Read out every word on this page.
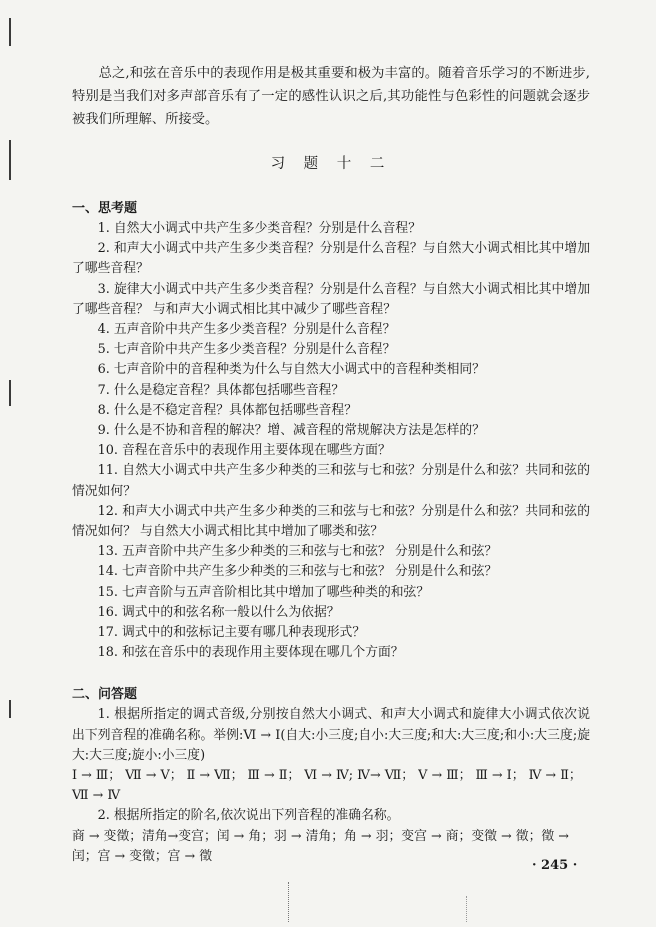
总之,和弦在音乐中的表现作用是极其重要和极为丰富的。随着音乐学习的不断进步,特别是当我们对多声部音乐有了一定的感性认识之后,其功能性与色彩性的问题就会逐步被我们所理解、所接受。

习 题 十 二

一、思考题

1. 自然大小调式中共产生多少类音程？分别是什么音程？

2. 和声大小调式中共产生多少类音程？分别是什么音程？与自然大小调式相比其中增加了哪些音程？

3. 旋律大小调式中共产生多少类音程？分别是什么音程？与自然大小调式相比其中增加了哪些音程？ 与和声大小调式相比其中减少了哪些音程？

4. 五声音阶中共产生多少类音程？分别是什么音程？

5. 七声音阶中共产生多少类音程？分别是什么音程？

6. 七声音阶中的音程种类为什么与自然大小调式中的音程种类相同？

7. 什么是稳定音程？具体都包括哪些音程？

8. 什么是不稳定音程？具体都包括哪些音程？

9. 什么是不协和音程的解决？增、减音程的常规解决方法是怎样的？

10. 音程在音乐中的表现作用主要体现在哪些方面？

11. 自然大小调式中共产生多少种类的三和弦与七和弦？分别是什么和弦？共同和弦的情况如何？

12. 和声大小调式中共产生多少种类的三和弦与七和弦？分别是什么和弦？共同和弦的情况如何？ 与自然大小调式相比其中增加了哪类和弦？

13. 五声音阶中共产生多少种类的三和弦与七和弦？ 分别是什么和弦？

14. 七声音阶中共产生多少种类的三和弦与七和弦？ 分别是什么和弦？

15. 七声音阶与五声音阶相比其中增加了哪些种类的和弦？

16. 调式中的和弦名称一般以什么为依据？

17. 调式中的和弦标记主要有哪几种表现形式？

18. 和弦在音乐中的表现作用主要体现在哪几个方面？

二、问答题

1. 根据所指定的调式音级,分别按自然大小调式、和声大小调式和旋律大小调式依次说出下列音程的准确名称。举例:Ⅵ → Ⅰ(自大:小三度;自小:大三度;和大:大三度;和小:大三度;旋大:大三度;旋小:小三度)

Ⅰ → Ⅲ； Ⅶ → Ⅴ； Ⅱ → Ⅶ； Ⅲ → Ⅱ； Ⅵ → Ⅳ; Ⅳ→ Ⅶ； Ⅴ → Ⅲ； Ⅲ → Ⅰ； Ⅳ → Ⅱ； Ⅶ → Ⅳ

2. 根据所指定的阶名,依次说出下列音程的准确名称。

商 → 变徵；清角→变宫；闰 → 角；羽 → 清角；角 → 羽；变宫 → 商；变徵 → 徵；徵 → 闰；宫 → 变徵；宫 → 徵

· 245 ·
